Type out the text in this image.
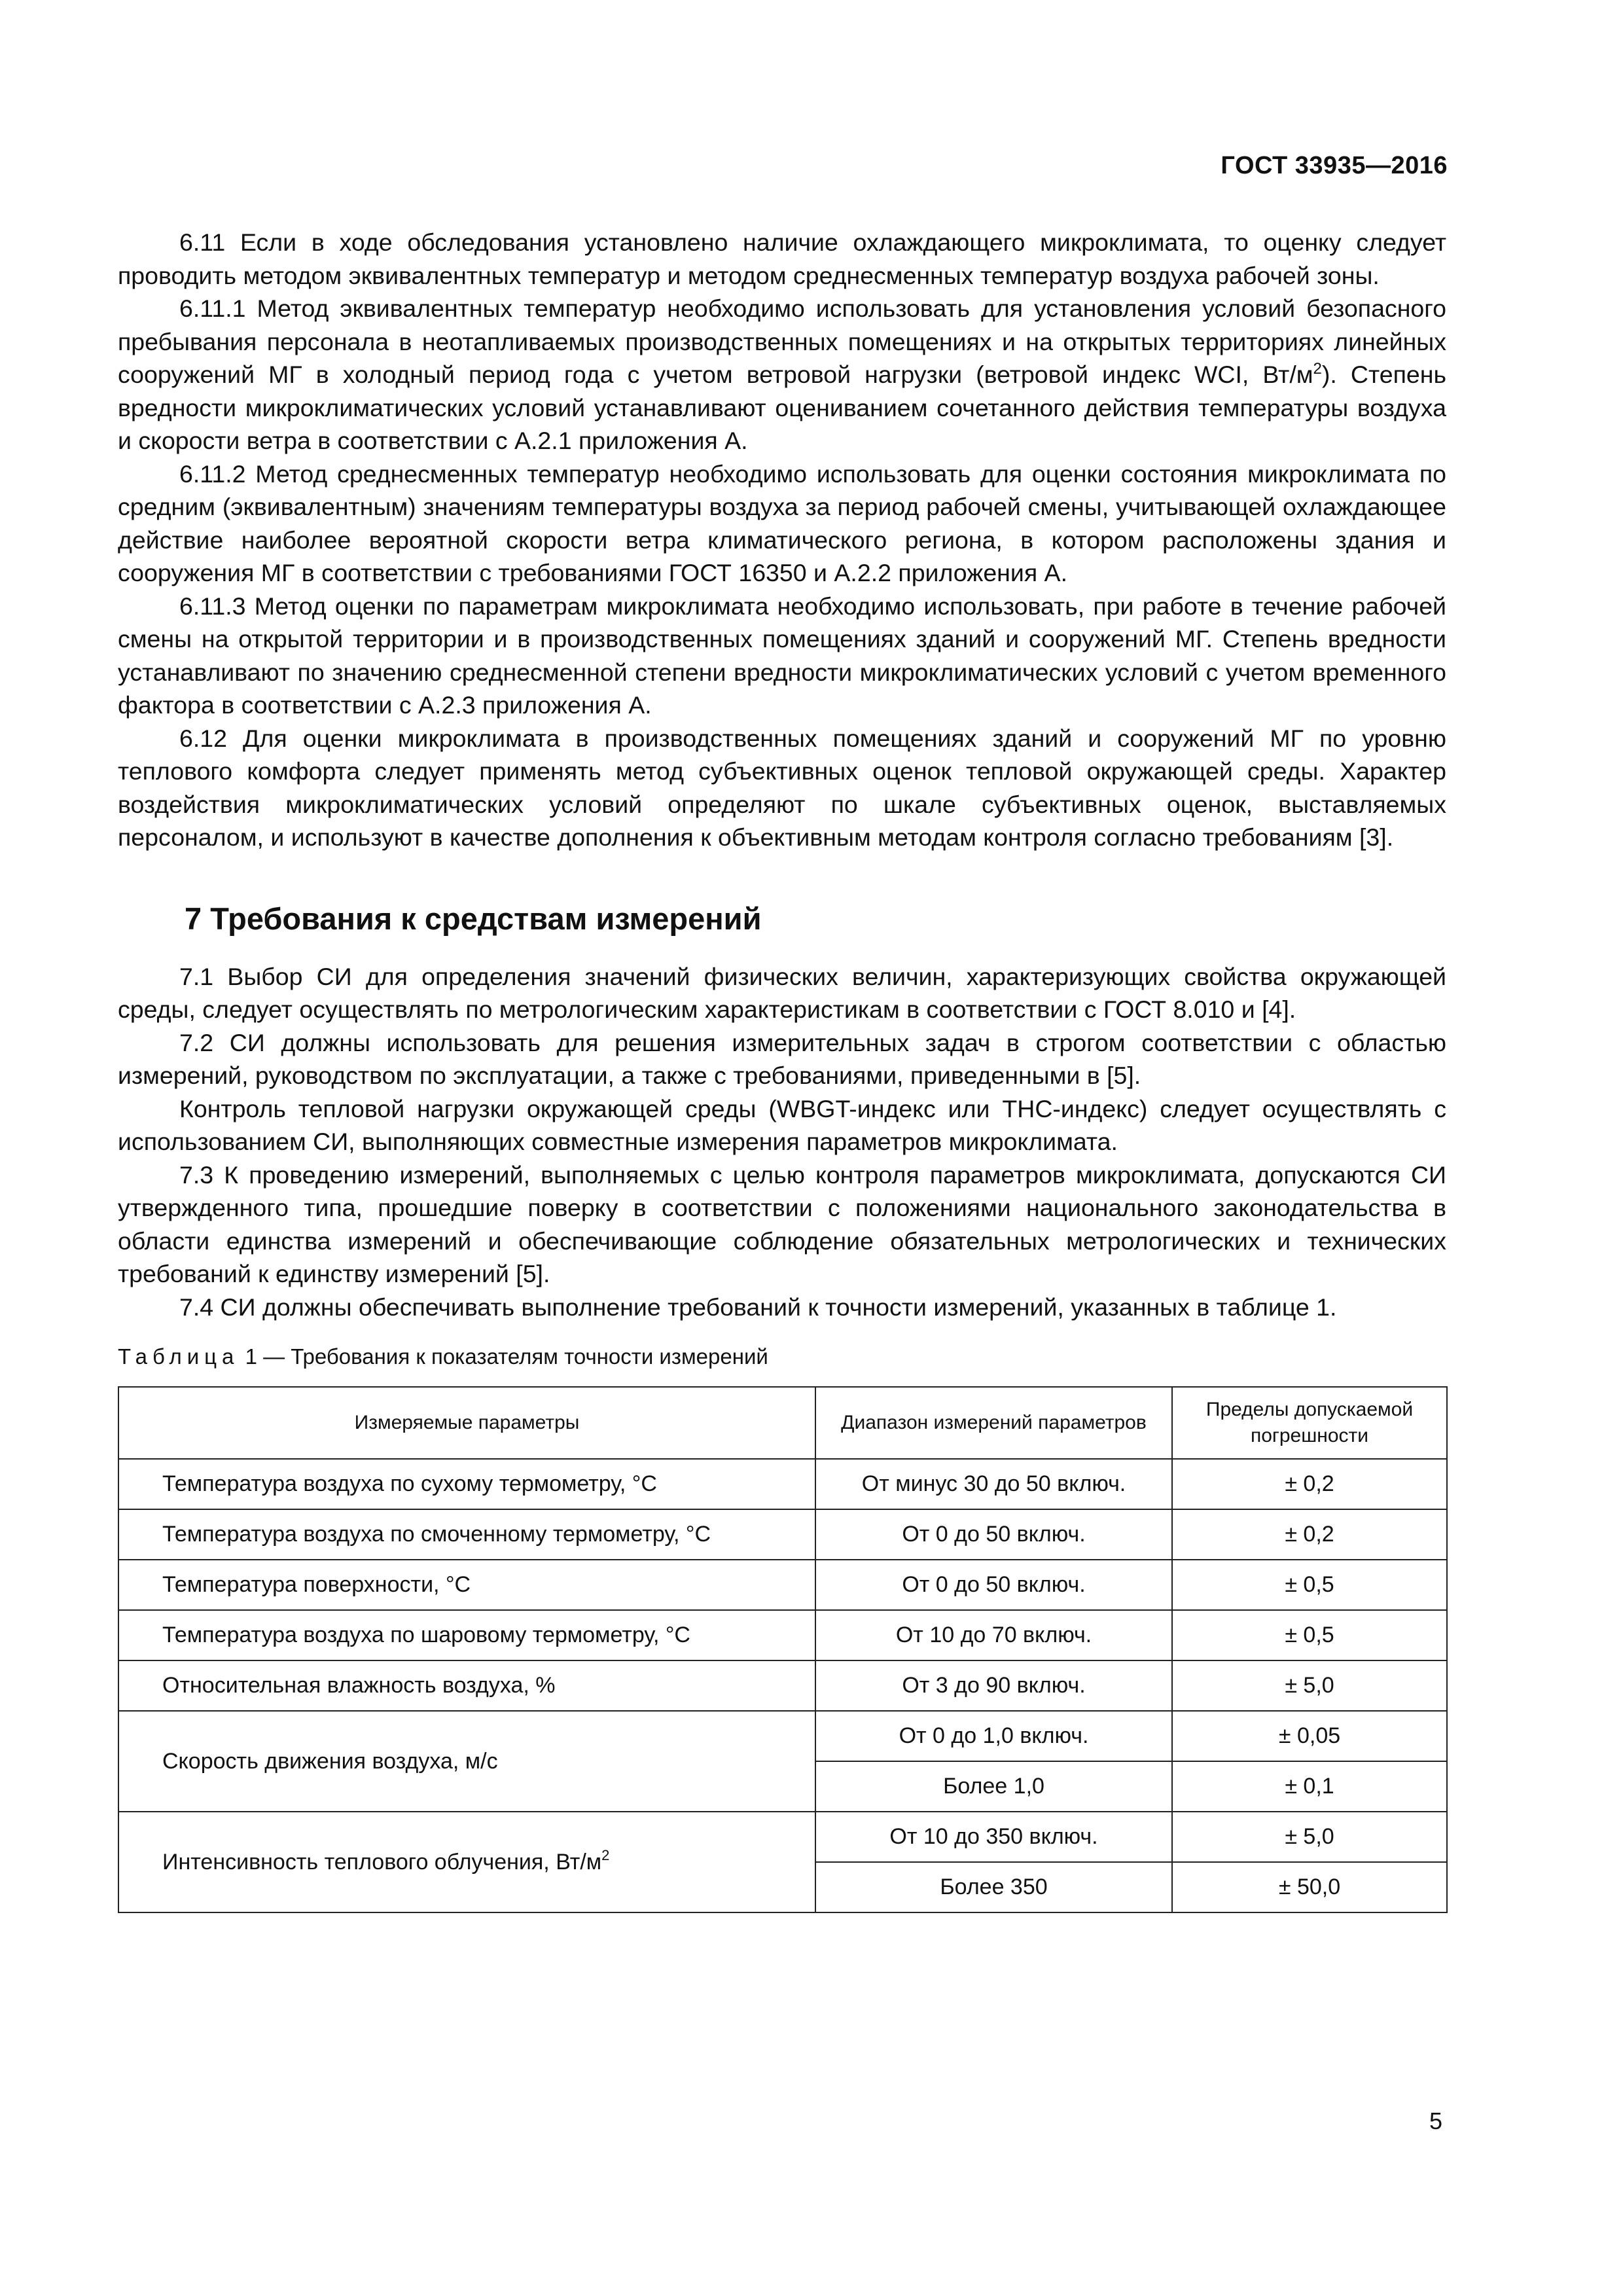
ГОСТ 33935—2016

6.11 Если в ходе обследования установлено наличие охлаждающего микроклимата, то оценку следует проводить методом эквивалентных температур и методом среднесменных температур воздуха рабочей зоны.

6.11.1 Метод эквивалентных температур необходимо использовать для установления условий безопасного пребывания персонала в неотапливаемых производственных помещениях и на открытых территориях линейных сооружений МГ в холодный период года с учетом ветровой нагрузки (ветровой индекс WCI, $Вт/м^2$). Степень вредности микроклиматических условий устанавливают оцениванием сочетанного действия температуры воздуха и скорости ветра в соответствии с А.2.1 приложения А.

6.11.2 Метод среднесменных температур необходимо использовать для оценки состояния микроклимата по средним (эквивалентным) значениям температуры воздуха за период рабочей смены, учитывающей охлаждающее действие наиболее вероятной скорости ветра климатического региона, в котором расположены здания и сооружения МГ в соответствии с требованиями ГОСТ 16350 и А.2.2 приложения А.

6.11.3 Метод оценки по параметрам микроклимата необходимо использовать, при работе в течение рабочей смены на открытой территории и в производственных помещениях зданий и сооружений МГ. Степень вредности устанавливают по значению среднесменной степени вредности микроклиматических условий с учетом временного фактора в соответствии с А.2.3 приложения А.

6.12 Для оценки микроклимата в производственных помещениях зданий и сооружений МГ по уровню теплового комфорта следует применять метод субъективных оценок тепловой окружающей среды. Характер воздействия микроклиматических условий определяют по шкале субъективных оценок, выставляемых персоналом, и используют в качестве дополнения к объективным методам контроля согласно требованиям [3].

7 Требования к средствам измерений

7.1 Выбор СИ для определения значений физических величин, характеризующих свойства окружающей среды, следует осуществлять по метрологическим характеристикам в соответствии с ГОСТ 8.010 и [4].

7.2 СИ должны использовать для решения измерительных задач в строгом соответствии с областью измерений, руководством по эксплуатации, а также с требованиями, приведенными в [5].

Контроль тепловой нагрузки окружающей среды (WBGT-индекс или ТНС-индекс) следует осуществлять с использованием СИ, выполняющих совместные измерения параметров микроклимата.

7.3 К проведению измерений, выполняемых с целью контроля параметров микроклимата, допускаются СИ утвержденного типа, прошедшие поверку в соответствии с положениями национального законодательства в области единства измерений и обеспечивающие соблюдение обязательных метрологических и технических требований к единству измерений [5].

7.4 СИ должны обеспечивать выполнение требований к точности измерений, указанных в таблице 1.

Таблица 1 — Требования к показателям точности измерений
Измеряемые параметры	Диапазон измерений параметров	Пределы допускаемой погрешности
Температура воздуха по сухому термометру, °С	От минус 30 до 50 включ.	± 0,2
Температура воздуха по смоченному термометру, °С	От 0 до 50 включ.	± 0,2
Температура поверхности, °С	От 0 до 50 включ.	± 0,5
Температура воздуха по шаровому термометру, °С	От 10 до 70 включ.	± 0,5
Относительная влажность воздуха, %	От 3 до 90 включ.	± 5,0
Скорость движения воздуха, м/с	От 0 до 1,0 включ.	± 0,05
	Более 1,0	± 0,1
Интенсивность теплового облучения, $Вт/м^2$	От 10 до 350 включ.	± 5,0
	Более 350	± 50,0
5
